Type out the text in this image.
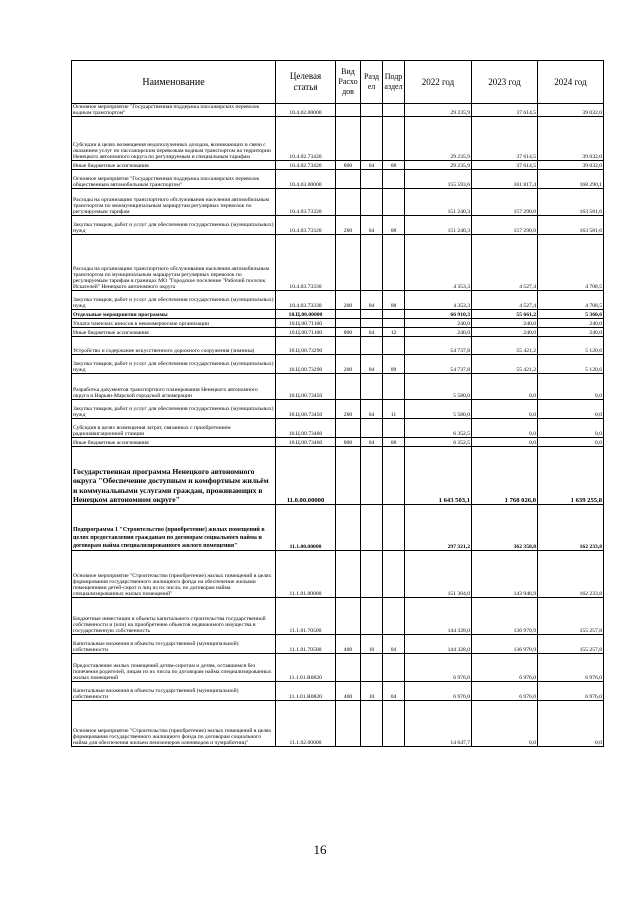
Наименование	Целевая статья	Вид Расхо дов	Разд ел	Подр аздел	2022 год	2023 год	2024 год
Основное мероприятие "Государственная поддержка пассажирских перевозок водным транспортом"	10.4.02.00000				29 235,9	37 614,5	39 032,0
Субсидии в целях возмещения недополученных доходов, возникающих в связи с оказанием услуг по пассажирским перевозкам водным транспортом на территории Ненецкого автономного округа по регулируемым и специальным тарифам	10.4.02.73420				29 235,9	37 614,5	39 032,0
Иные бюджетные ассигнования	10.4.02.73420	800	04	08	29 235,9	37 614,5	39 032,0
Основное мероприятие "Государственная поддержка пассажирских перевозок общественным автомобильным транспортом"	10.4.03.00000				155 593,6	161 817,4	168 290,1
Расходы на организацию транспортного обслуживания населения автомобильным транспортом по межмуниципальным маршрутам регулярных перевозок по регулируемым тарифам	10.4.03.73320				151 240,3	157 290,0	163 581,6
Закупка товаров, работ и услуг для обеспечения государственных (муниципальных) нужд	10.4.03.73320	200	04	08	151 240,3	157 290,0	163 581,6
Расходы на организацию транспортного обслуживания населения автомобильным транспортом по муниципальным маршрутам регулярных перевозок по регулируемым тарифам в границах МО "Городское поселение "Рабочий поселок Искателей" Ненецкого автономного округа	10.4.03.73330				4 353,3	4 527,4	4 708,5
Закупка товаров, работ и услуг для обеспечения государственных (муниципальных) нужд	10.4.03.73330	200	04	08	4 353,3	4 527,4	4 708,5
Отдельные мероприятия программы	10.Ц.00.00000				66 910,3	55 661,2	5 360,6
Уплата членских взносов в некоммерческие организации	10.Ц.00.71160				240,0	240,0	240,0
Иные бюджетные ассигнования	10.Ц.00.71160	800	04	12	240,0	240,0	240,0
Устройство и содержание искусственного дорожного сооружения (зимника)	10.Ц.00.73290				54 737,8	55 421,2	5 120,6
Закупка товаров, работ и услуг для обеспечения государственных (муниципальных) нужд	10.Ц.00.73290	200	04	09	54 737,8	55 421,2	5 120,6
Разработка документов транспортного планирования Ненецкого автономного округа и Нарьян-Марской городской агломерации	10.Ц.00.73450				5 580,0	0,0	0,0
Закупка товаров, работ и услуг для обеспечения государственных (муниципальных) нужд	10.Ц.00.73450	200	04	11	5 580,0	0,0	0,0
Субсидия в целях возмещения затрат, связанных с приобретением радионавигационной станции	10.Ц.00.73460				6 352,5	0,0	0,0
Иные бюджетные ассигнования	10.Ц.00.73460	800	04	08	6 352,5	0,0	0,0
Государственная программа Ненецкого автономного округа "Обеспечение доступным и комфортным жильём и коммунальными услугами граждан, проживающих в Ненецком автономном округе"	11.0.00.00000				1 643 503,1	1 768 026,0	1 639 255,8
Подпрограмма 1 "Строительство (приобретение) жилых помещений в целях предоставления гражданам по договорам социального найма и договорам найма специализированного жилого помещения"	11.1.00.00000				297 321,2	362 358,8	162 233,8
Основное мероприятие "Строительство (приобретение) жилых помещений в целях формирования государственного жилищного фонда на обеспечение жилыми помещениями детей-сирот и лиц из их числа, по договорам найма специализированных жилых помещений"	11.1.01.00000				151 304,0	143 946,9	162 233,8
Бюджетные инвестиции в объекты капитального строительства государственной собственности и (или) на приобретение объектов недвижимого имущества в государственную собственность	11.1.01.70500				144 328,0	136 970,9	155 257,8
Капитальные вложения в объекты государственной (муниципальной) собственности	11.1.01.70500	400	10	04	144 328,0	136 970,9	155 257,8
Предоставление жилых помещений детям-сиротам и детям, оставшимся без попечения родителей, лицам из их числа по договорам найма специализированных жилых помещений	11.1.01.R0820				6 976,0	6 976,0	6 976,0
Капитальные вложения в объекты государственной (муниципальной) собственности	11.1.01.R0820	400	10	04	6 976,0	6 976,0	6 976,0
Основное мероприятие "Строительство (приобретение) жилых помещений в целях формирования государственного жилищного фонда по договорам социального найма для обеспечения жильем пенсионеров олениводов и чумработниц"	11.1.02.00000				14 647,7	0,0	0,0
16
